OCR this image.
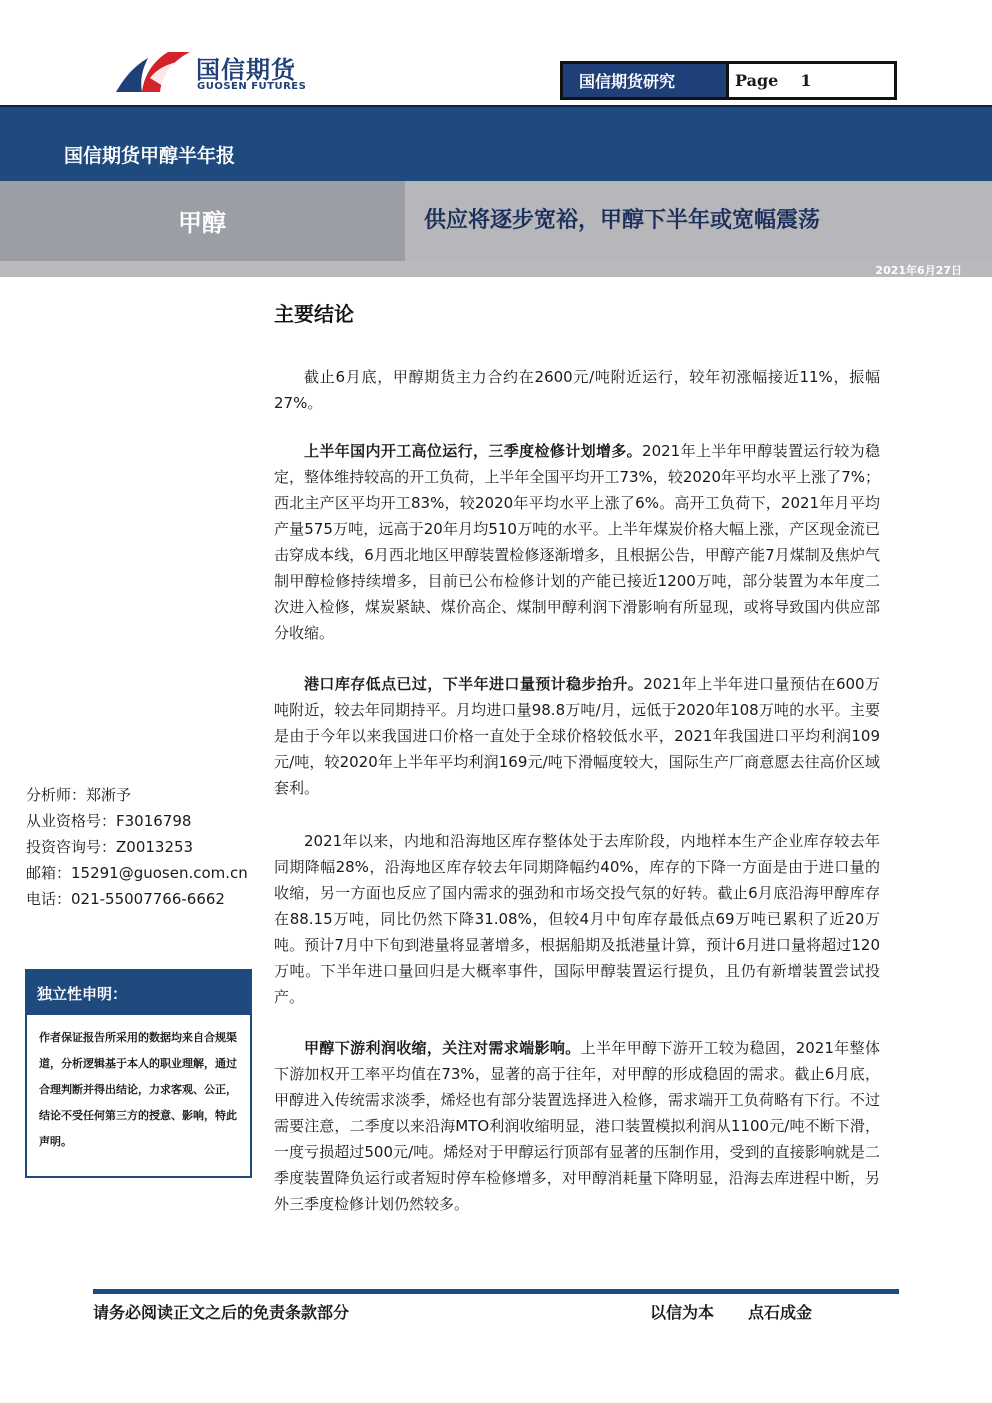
国信期货
GUOSEN FUTURES	国信期货研究	Page 1
国信期货甲醇半年报
甲醇	供应将逐步宽裕，甲醇下半年或宽幅震荡
2021年6月27日
主要结论
截止6月底，甲醇期货主力合约在2600元/吨附近运行，较年初涨幅接近11%，振幅27%。
上半年国内开工高位运行，三季度检修计划增多。2021年上半年甲醇装置运行较为稳定，整体维持较高的开工负荷，上半年全国平均开工73%，较2020年平均水平上涨了7%；西北主产区平均开工83%，较2020年平均水平上涨了6%。高开工负荷下，2021年月平均产量575万吨，远高于20年月均510万吨的水平。上半年煤炭价格大幅上涨，产区现金流已击穿成本线，6月西北地区甲醇装置检修逐渐增多，且根据公告，甲醇产能7月煤制及焦炉气制甲醇检修持续增多，目前已公布检修计划的产能已接近1200万吨，部分装置为本年度二次进入检修，煤炭紧缺、煤价高企、煤制甲醇利润下滑影响有所显现，或将导致国内供应部分收缩。
港口库存低点已过，下半年进口量预计稳步抬升。2021年上半年进口量预估在600万吨附近，较去年同期持平。月均进口量98.8万吨/月，远低于2020年108万吨的水平。主要是由于今年以来我国进口价格一直处于全球价格较低水平，2021年我国进口平均利润109元/吨，较2020年上半年平均利润169元/吨下滑幅度较大，国际生产厂商意愿去往高价区域套利。
2021年以来，内地和沿海地区库存整体处于去库阶段，内地样本生产企业库存较去年同期降幅28%，沿海地区库存较去年同期降幅约40%，库存的下降一方面是由于进口量的收缩，另一方面也反应了国内需求的强劲和市场交投气氛的好转。截止6月底沿海甲醇库存在88.15万吨，同比仍然下降31.08%，但较4月中旬库存最低点69万吨已累积了近20万吨。预计7月中下旬到港量将显著增多，根据船期及抵港量计算，预计6月进口量将超过120万吨。下半年进口量回归是大概率事件，国际甲醇装置运行提负，且仍有新增装置尝试投产。
甲醇下游利润收缩，关注对需求端影响。上半年甲醇下游开工较为稳固，2021年整体下游加权开工率平均值在73%，显著的高于往年，对甲醇的形成稳固的需求。截止6月底，甲醇进入传统需求淡季，烯烃也有部分装置选择进入检修，需求端开工负荷略有下行。不过需要注意，二季度以来沿海MTO利润收缩明显，港口装置模拟利润从1100元/吨不断下滑，一度亏损超过500元/吨。烯烃对于甲醇运行顶部有显著的压制作用，受到的直接影响就是二季度装置降负运行或者短时停车检修增多，对甲醇消耗量下降明显，沿海去库进程中断，另外三季度检修计划仍然较多。
分析师：郑淅予
从业资格号：F3016798
投资咨询号：Z0013253
邮箱：15291@guosen.com.cn
电话：021-55007766-6662
独立性申明：
作者保证报告所采用的数据均来自合规渠道，分析逻辑基于本人的职业理解，通过合理判断并得出结论，力求客观、公正，结论不受任何第三方的授意、影响，特此声明。
请务必阅读正文之后的免责条款部分	以信为本 点石成金
